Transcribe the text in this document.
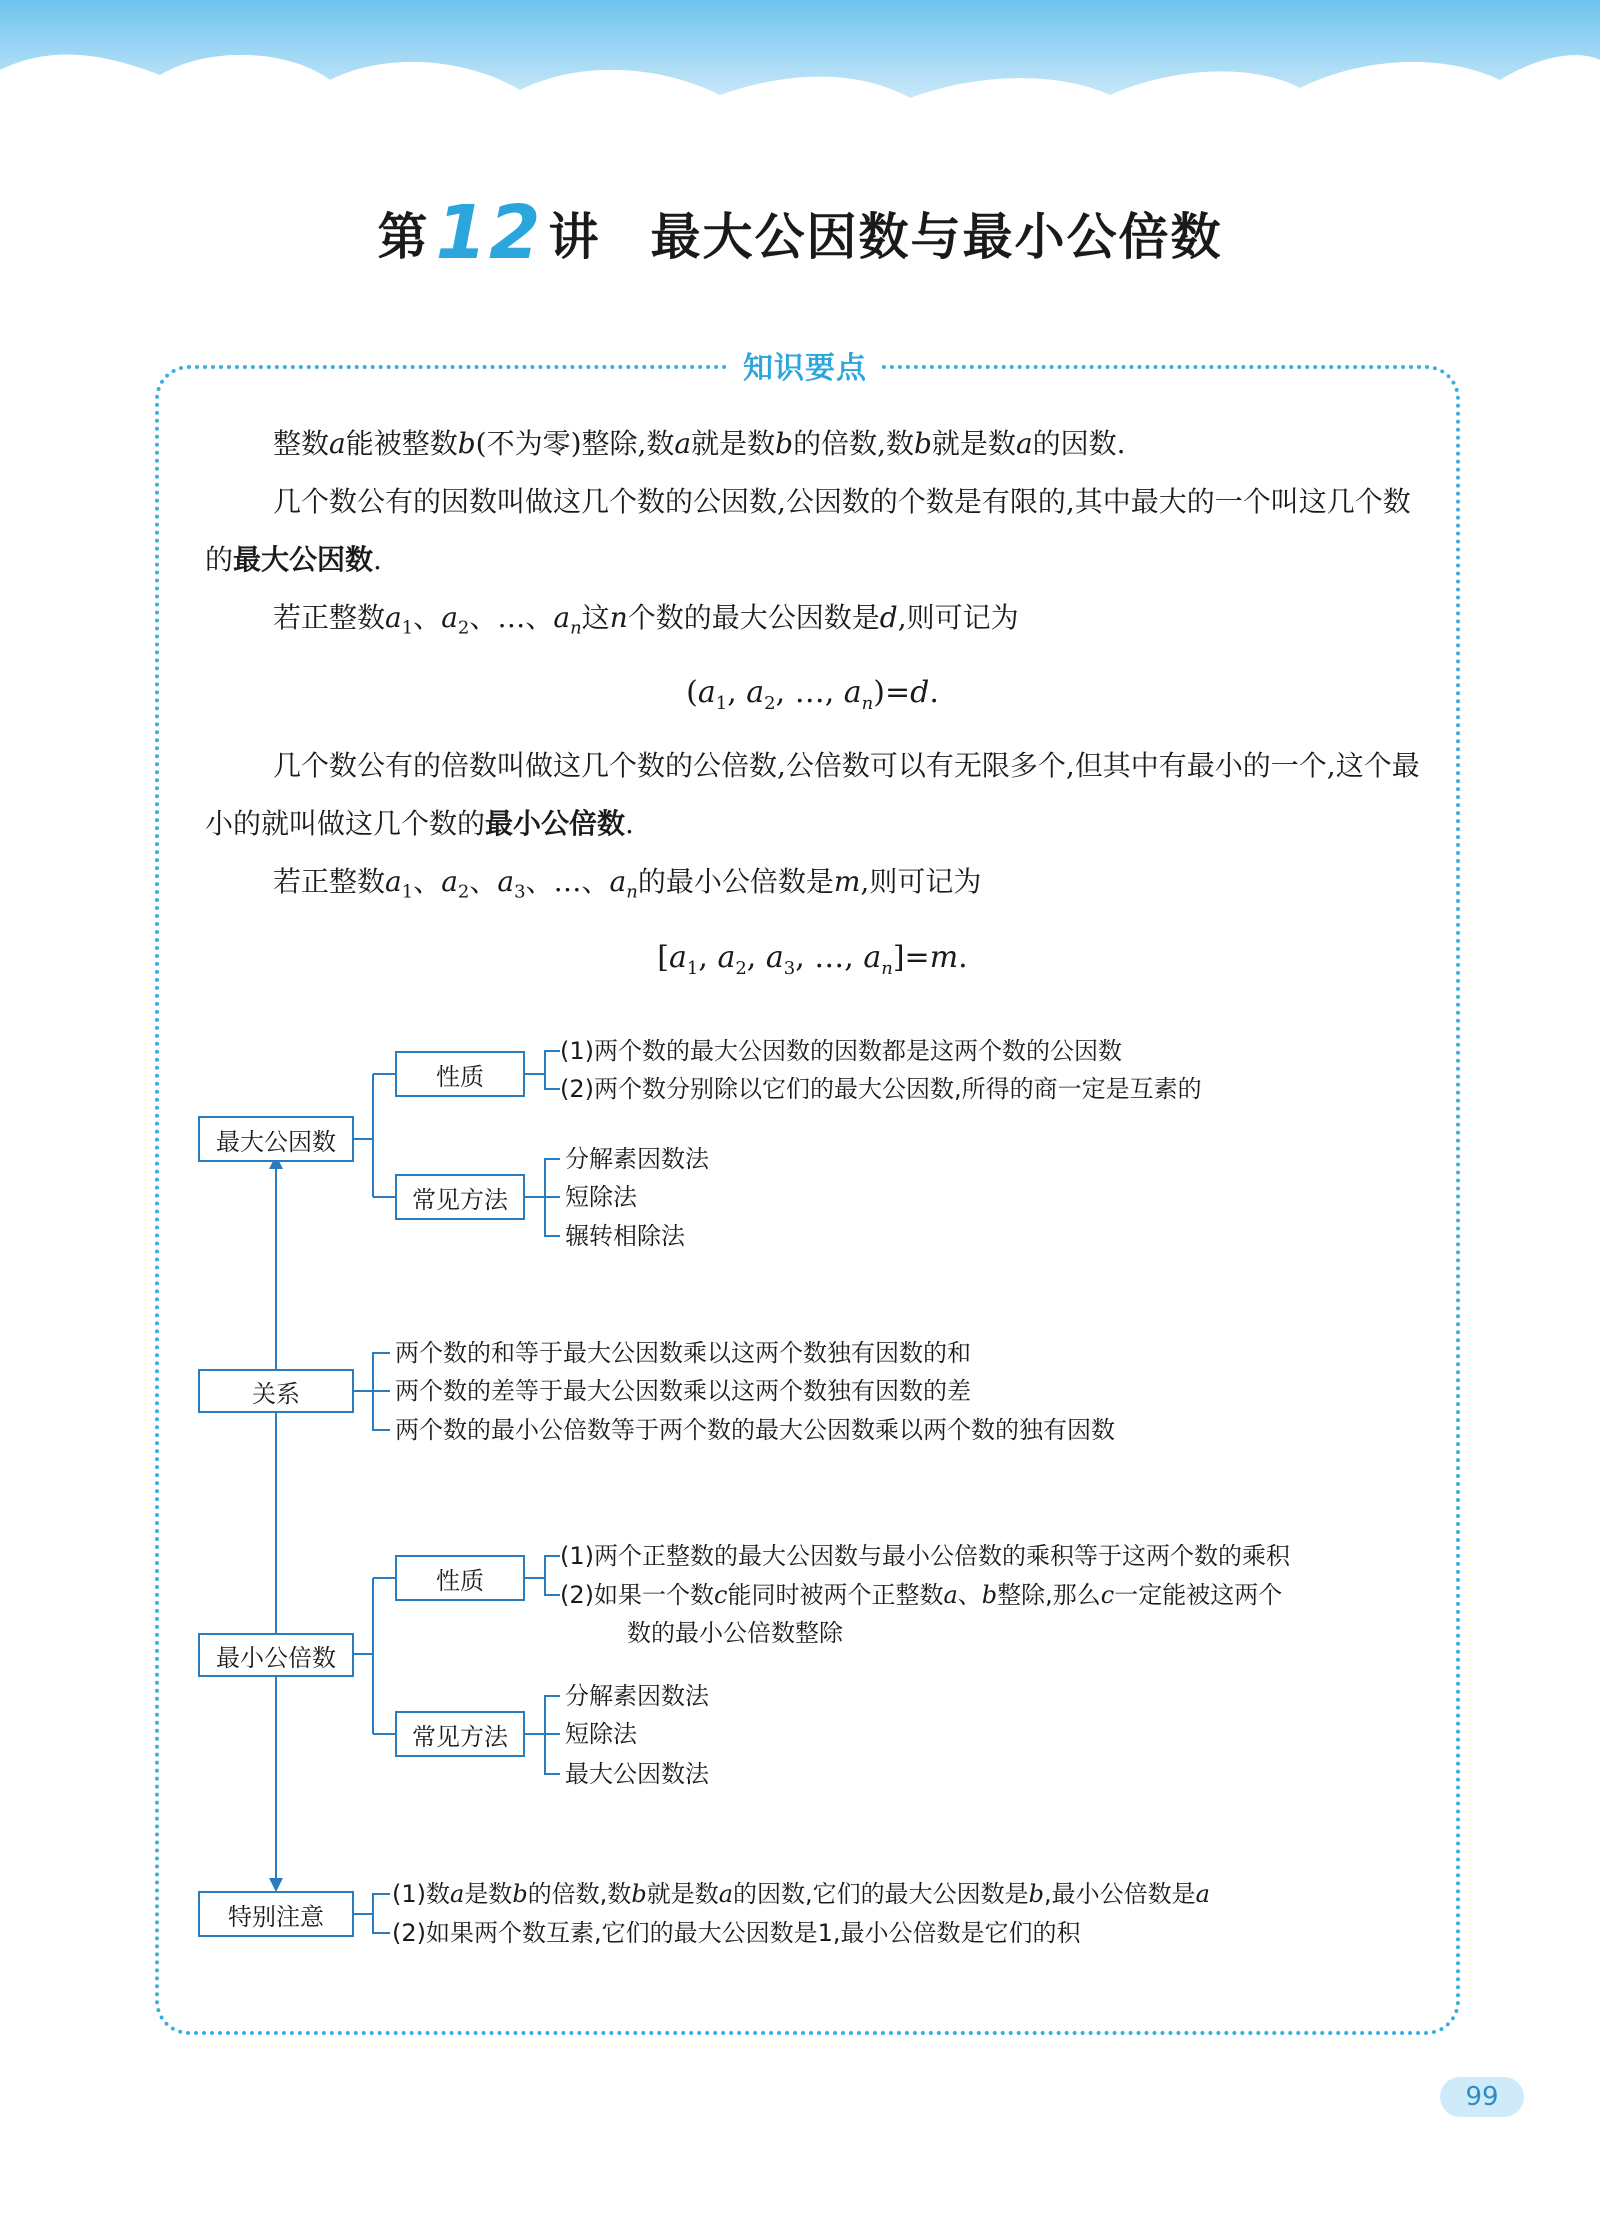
第12 讲 最大公因数与最小公倍数
知识要点

整数a能被整数b(不为零)整除,数a就是数b的倍数,数b就是数a的因数.

几个数公有的因数叫做这几个数的公因数,公因数的个数是有限的,其中最大的一个叫这几个数的最大公因数.

若正整数$a_1$、$a_2$、…、$a_n$这n个数的最大公因数是d,则可记为

($a_1$, $a_2$, …, $a_n)=d$.

几个数公有的倍数叫做这几个数的公倍数,公倍数可以有无限多个,但其中有最小的一个,这个最小的就叫做这几个数的最小公倍数.

若正整数$a_1$、$a_2$、$a_3$、…、$a_n$的最小公倍数是m,则可记为

[$a_1$, $a_2$, $a_3$, …, $a_n]=m$.

最大公因数
性质
(1)两个数的最大公因数的因数都是这两个数的公因数
(2)两个数分别除以它们的最大公因数,所得的商一定是互素的
常见方法
分解素因数法
短除法
辗转相除法
关系
两个数的和等于最大公因数乘以这两个数独有因数的和
两个数的差等于最大公因数乘以这两个数独有因数的差
两个数的最小公倍数等于两个数的最大公因数乘以两个数的独有因数
最小公倍数
性质
(1)两个正整数的最大公因数与最小公倍数的乘积等于这两个数的乘积
(2)如果一个数c能同时被两个正整数a、b整除,那么c一定能被这两个
数的最小公倍数整除
常见方法
分解素因数法
短除法
最大公因数法
特别注意
(1)数a是数b的倍数,数b就是数a的因数,它们的最大公因数是b,最小公倍数是a
(2)如果两个数互素,它们的最大公因数是1,最小公倍数是它们的积
99
